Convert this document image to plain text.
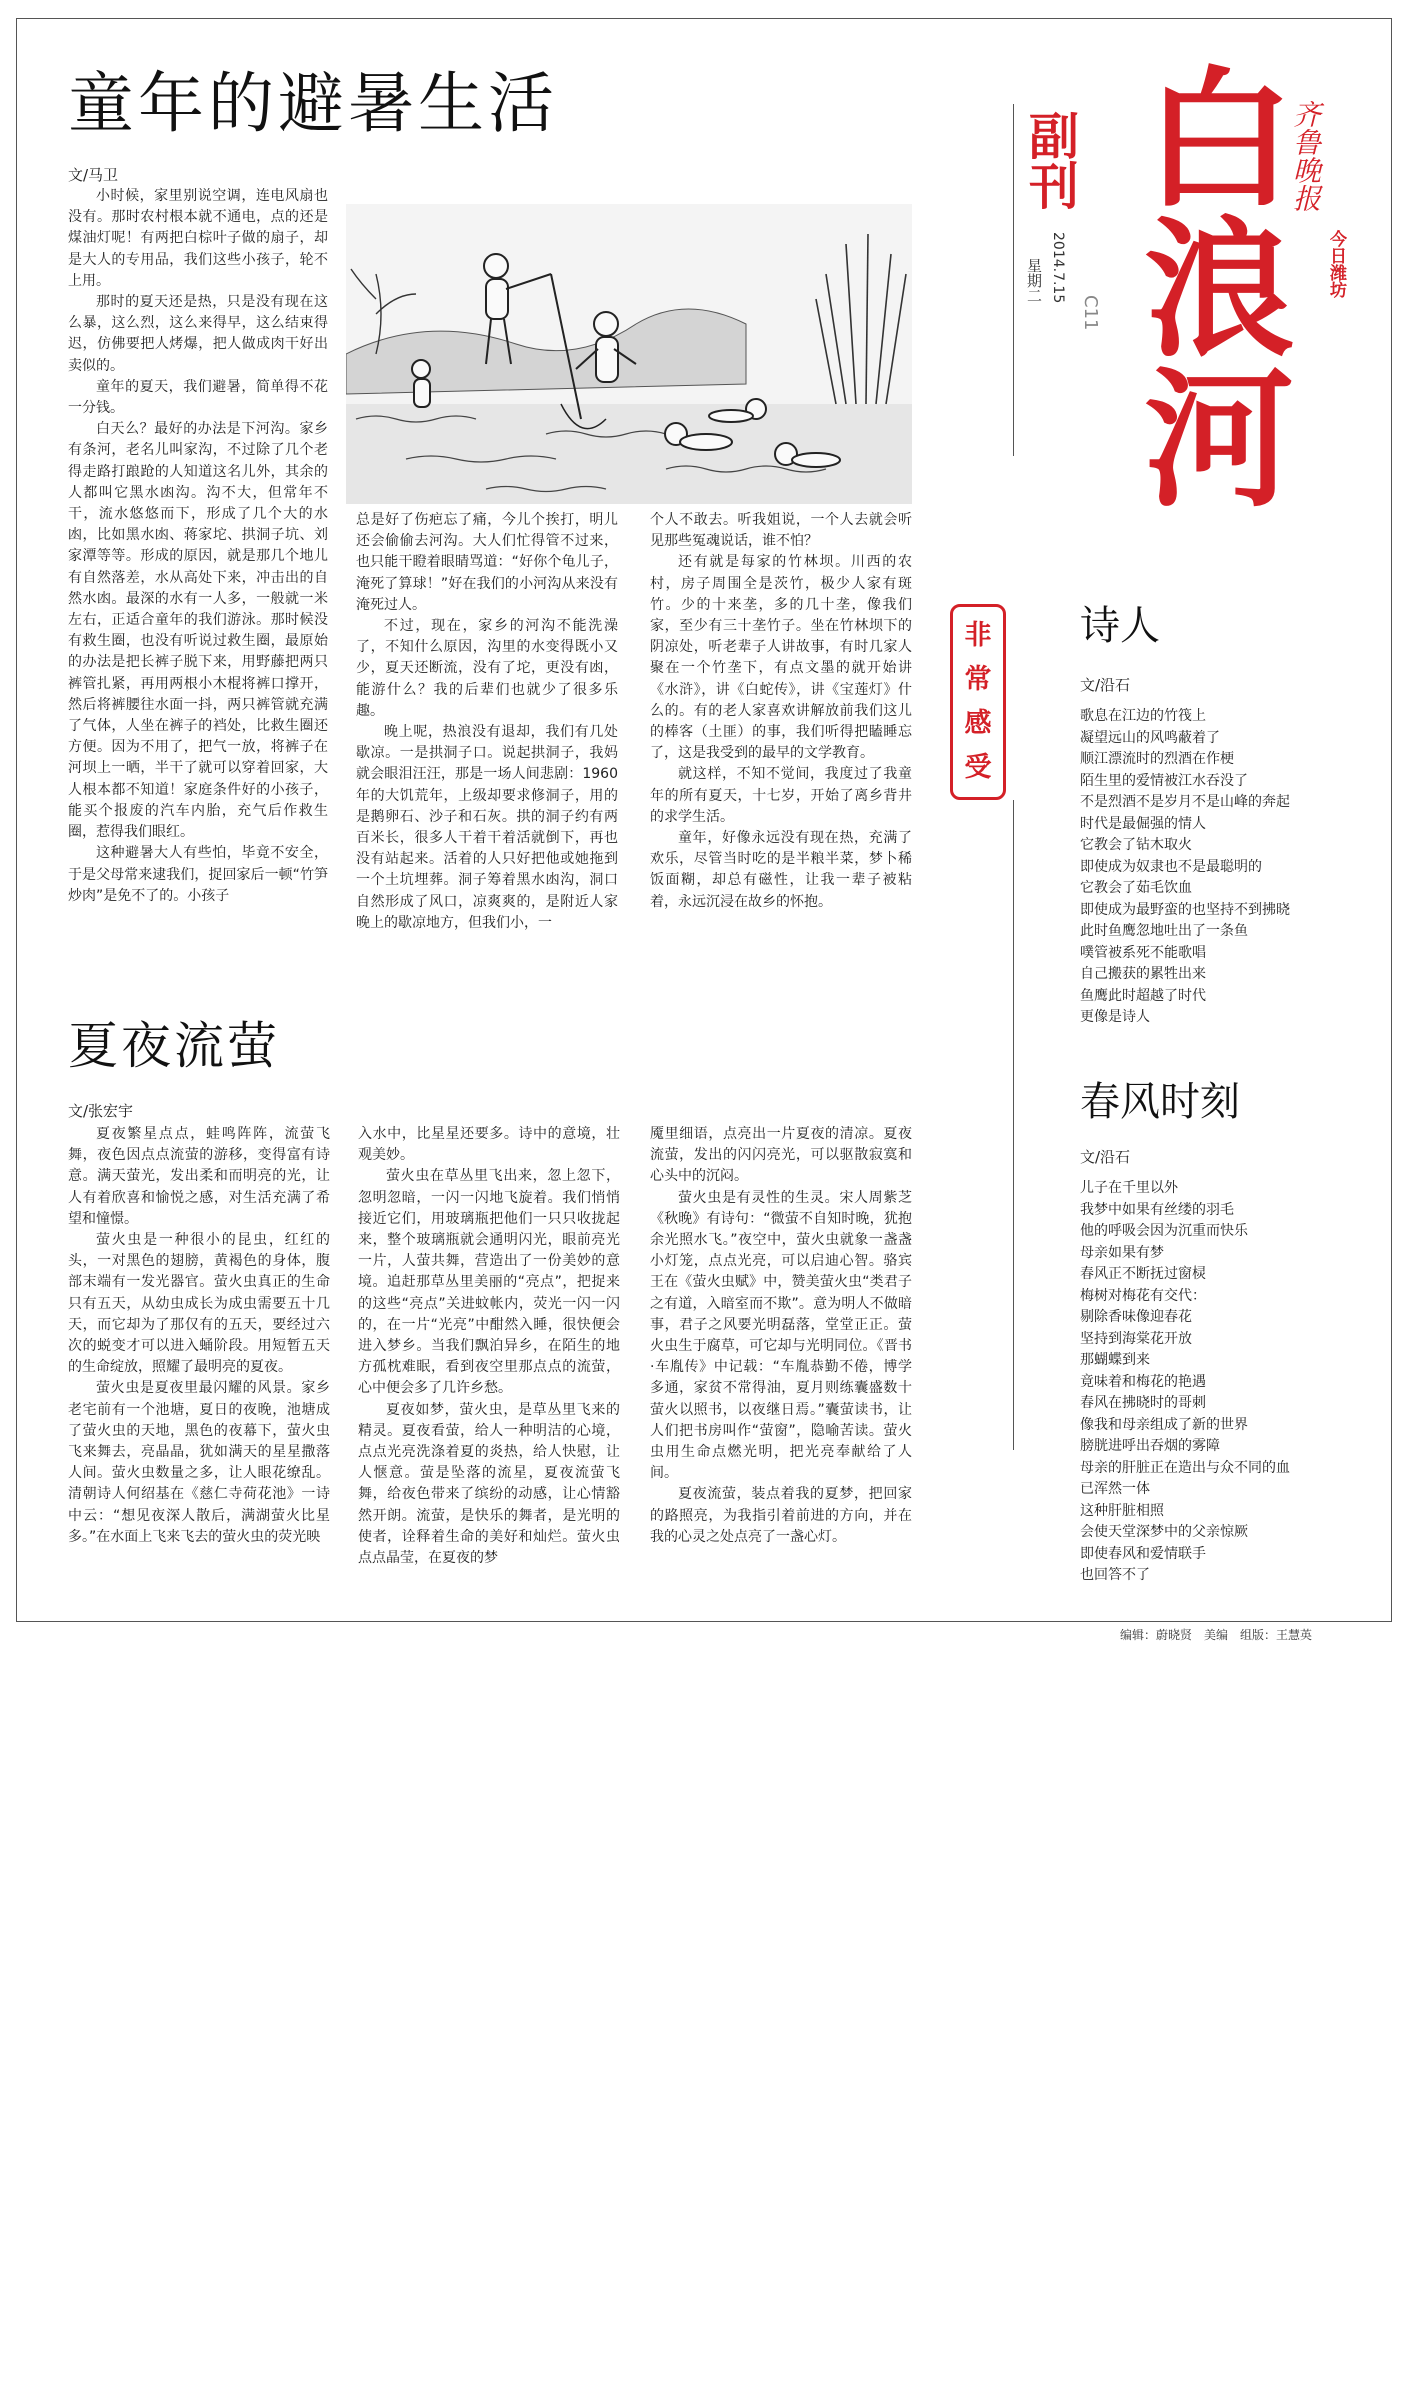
童年的避暑生活
文/马卫

小时候，家里别说空调，连电风扇也没有。那时农村根本就不通电，点的还是煤油灯呢！有两把白棕叶子做的扇子，却是大人的专用品，我们这些小孩子，轮不上用。

那时的夏天还是热，只是没有现在这么暴，这么烈，这么来得早，这么结束得迟，仿佛要把人烤爆，把人做成肉干好出卖似的。

童年的夏天，我们避暑，简单得不花一分钱。

白天么？最好的办法是下河沟。家乡有条河，老名儿叫家沟，不过除了几个老得走路打踉跄的人知道这名儿外，其余的人都叫它黑水凼沟。沟不大，但常年不干，流水悠悠而下，形成了几个大的水凼，比如黑水凼、蒋家坨、拱洞子坑、刘家潭等等。形成的原因，就是那几个地儿有自然落差，水从高处下来，冲击出的自然水凼。最深的水有一人多，一般就一米左右，正适合童年的我们游泳。那时候没有救生圈，也没有听说过救生圈，最原始的办法是把长裤子脱下来，用野藤把两只裤管扎紧，再用两根小木棍将裤口撑开，然后将裤腰往水面一抖，两只裤管就充满了气体，人坐在裤子的裆处，比救生圈还方便。因为不用了，把气一放，将裤子在河坝上一晒，半干了就可以穿着回家，大人根本都不知道！家庭条件好的小孩子，能买个报废的汽车内胎，充气后作救生圈，惹得我们眼红。

这种避暑大人有些怕，毕竟不安全，于是父母常来逮我们，捉回家后一顿“竹笋炒肉”是免不了的。小孩子

总是好了伤疤忘了痛，今儿个挨打，明儿还会偷偷去河沟。大人们忙得管不过来，也只能干瞪着眼睛骂道：“好你个龟儿子，淹死了算球！”好在我们的小河沟从来没有淹死过人。

不过，现在，家乡的河沟不能洗澡了，不知什么原因，沟里的水变得既小又少，夏天还断流，没有了坨，更没有凼，能游什么？我的后辈们也就少了很多乐趣。

晚上呢，热浪没有退却，我们有几处歇凉。一是拱洞子口。说起拱洞子，我妈就会眼泪汪汪，那是一场人间悲剧：1960年的大饥荒年，上级却要求修洞子，用的是鹅卵石、沙子和石灰。拱的洞子约有两百米长，很多人干着干着活就倒下，再也没有站起来。活着的人只好把他或她拖到一个土坑埋葬。洞子筹着黑水凼沟，洞口自然形成了风口，凉爽爽的，是附近人家晚上的歇凉地方，但我们小，一

个人不敢去。听我姐说，一个人去就会听见那些冤魂说话，谁不怕？

还有就是每家的竹林坝。川西的农村，房子周围全是茨竹，极少人家有斑竹。少的十来垄，多的几十垄，像我们家，至少有三十垄竹子。坐在竹林坝下的阴凉处，听老辈子人讲故事，有时几家人聚在一个竹垄下，有点文墨的就开始讲《水浒》，讲《白蛇传》，讲《宝莲灯》什么的。有的老人家喜欢讲解放前我们这儿的棒客（土匪）的事，我们听得把瞌睡忘了，这是我受到的最早的文学教育。

就这样，不知不觉间，我度过了我童年的所有夏天，十七岁，开始了离乡背井的求学生活。

童年，好像永远没有现在热，充满了欢乐，尽管当时吃的是半粮半菜，梦卜稀饭面糊，却总有磁性，让我一辈子被粘着，永远沉浸在故乡的怀抱。

夏夜流萤
文/张宏宇

夏夜繁星点点，蛙鸣阵阵，流萤飞舞，夜色因点点流萤的游移，变得富有诗意。满天萤光，发出柔和而明亮的光，让人有着欣喜和愉悦之感，对生活充满了希望和憧憬。

萤火虫是一种很小的昆虫，红红的头，一对黑色的翅膀，黄褐色的身体，腹部末端有一发光器官。萤火虫真正的生命只有五天，从幼虫成长为成虫需要五十几天，而它却为了那仅有的五天，要经过六次的蜕变才可以进入蛹阶段。用短暂五天的生命绽放，照耀了最明亮的夏夜。

萤火虫是夏夜里最闪耀的风景。家乡老宅前有一个池塘，夏日的夜晚，池塘成了萤火虫的天地，黑色的夜幕下，萤火虫飞来舞去，亮晶晶，犹如满天的星星撒落人间。萤火虫数量之多，让人眼花缭乱。清朝诗人何绍基在《慈仁寺荷花池》一诗中云：“想见夜深人散后，满湖萤火比星多。”在水面上飞来飞去的萤火虫的荧光映

入水中，比星星还要多。诗中的意境，壮观美妙。

萤火虫在草丛里飞出来，忽上忽下，忽明忽暗，一闪一闪地飞旋着。我们悄悄接近它们，用玻璃瓶把他们一只只收拢起来，整个玻璃瓶就会通明闪光，眼前亮光一片，人萤共舞，营造出了一份美妙的意境。追赶那草丛里美丽的“亮点”，把捉来的这些“亮点”关进蚊帐内，荧光一闪一闪的，在一片“光亮”中酣然入睡，很快便会进入梦乡。当我们飘泊异乡，在陌生的地方孤枕难眠，看到夜空里那点点的流萤，心中便会多了几许乡愁。

夏夜如梦，萤火虫，是草丛里飞来的精灵。夏夜看萤，给人一种明洁的心境，点点光亮洗涤着夏的炎热，给人快慰，让人惬意。萤是坠落的流星，夏夜流萤飞舞，给夜色带来了缤纷的动感，让心情豁然开朗。流萤，是快乐的舞者，是光明的使者，诠释着生命的美好和灿烂。萤火虫点点晶莹，在夏夜的梦

魇里细语，点亮出一片夏夜的清凉。夏夜流萤，发出的闪闪亮光，可以驱散寂寞和心头中的沉闷。

萤火虫是有灵性的生灵。宋人周紫芝《秋晚》有诗句：“微萤不自知时晚，犹抱余光照水飞。”夜空中，萤火虫就象一盏盏小灯笼，点点光亮，可以启迪心智。骆宾王在《萤火虫赋》中，赞美萤火虫“类君子之有道，入暗室而不欺”。意为明人不做暗事，君子之风要光明磊落，堂堂正正。萤火虫生于腐草，可它却与光明同位。《晋书·车胤传》中记载：“车胤恭勤不倦，博学多通，家贫不常得油，夏月则练囊盛数十萤火以照书，以夜继日焉。”囊萤读书，让人们把书房叫作“萤窗”，隐喻苦读。萤火虫用生命点燃光明，把光亮奉献给了人间。

夏夜流萤，装点着我的夏梦，把回家的路照亮，为我指引着前进的方向，并在我的心灵之处点亮了一盏心灯。

副刊
星期二 2014.7.15
C11 白浪河
齐鲁晚报
今日潍坊
非
常
感
受
诗人
文/沿石
歌息在江边的竹筏上
凝望远山的风鸣蔽着了
顺江漂流时的烈酒在作梗
陌生里的爱情被江水吞没了
不是烈酒不是岁月不是山峰的奔起
时代是最倔强的情人
它教会了钻木取火
即使成为奴隶也不是最聪明的
它教会了茹毛饮血
即使成为最野蛮的也坚持不到拂晓
此时鱼鹰忽地吐出了一条鱼
噗管被系死不能歌唱
自己搬获的累牲出来
鱼鹰此时超越了时代
更像是诗人
春风时刻
文/沿石
儿子在千里以外
我梦中如果有丝缕的羽毛
他的呼吸会因为沉重而快乐
母亲如果有梦
春风正不断抚过窗棂
梅树对梅花有交代：
剔除香味像迎春花
坚持到海棠花开放
那蝴蝶到来
竟味着和梅花的艳遇
春风在拂晓时的哥刺
像我和母亲组成了新的世界
膀胱进呼出吞烟的雾障
母亲的肝脏正在造出与众不同的血
已浑然一体
这种肝脏相照
会使天堂深梦中的父亲惊厥
即使春风和爱情联手
也回答不了
编辑：蔚晓贤　美编　组版：王慧英
